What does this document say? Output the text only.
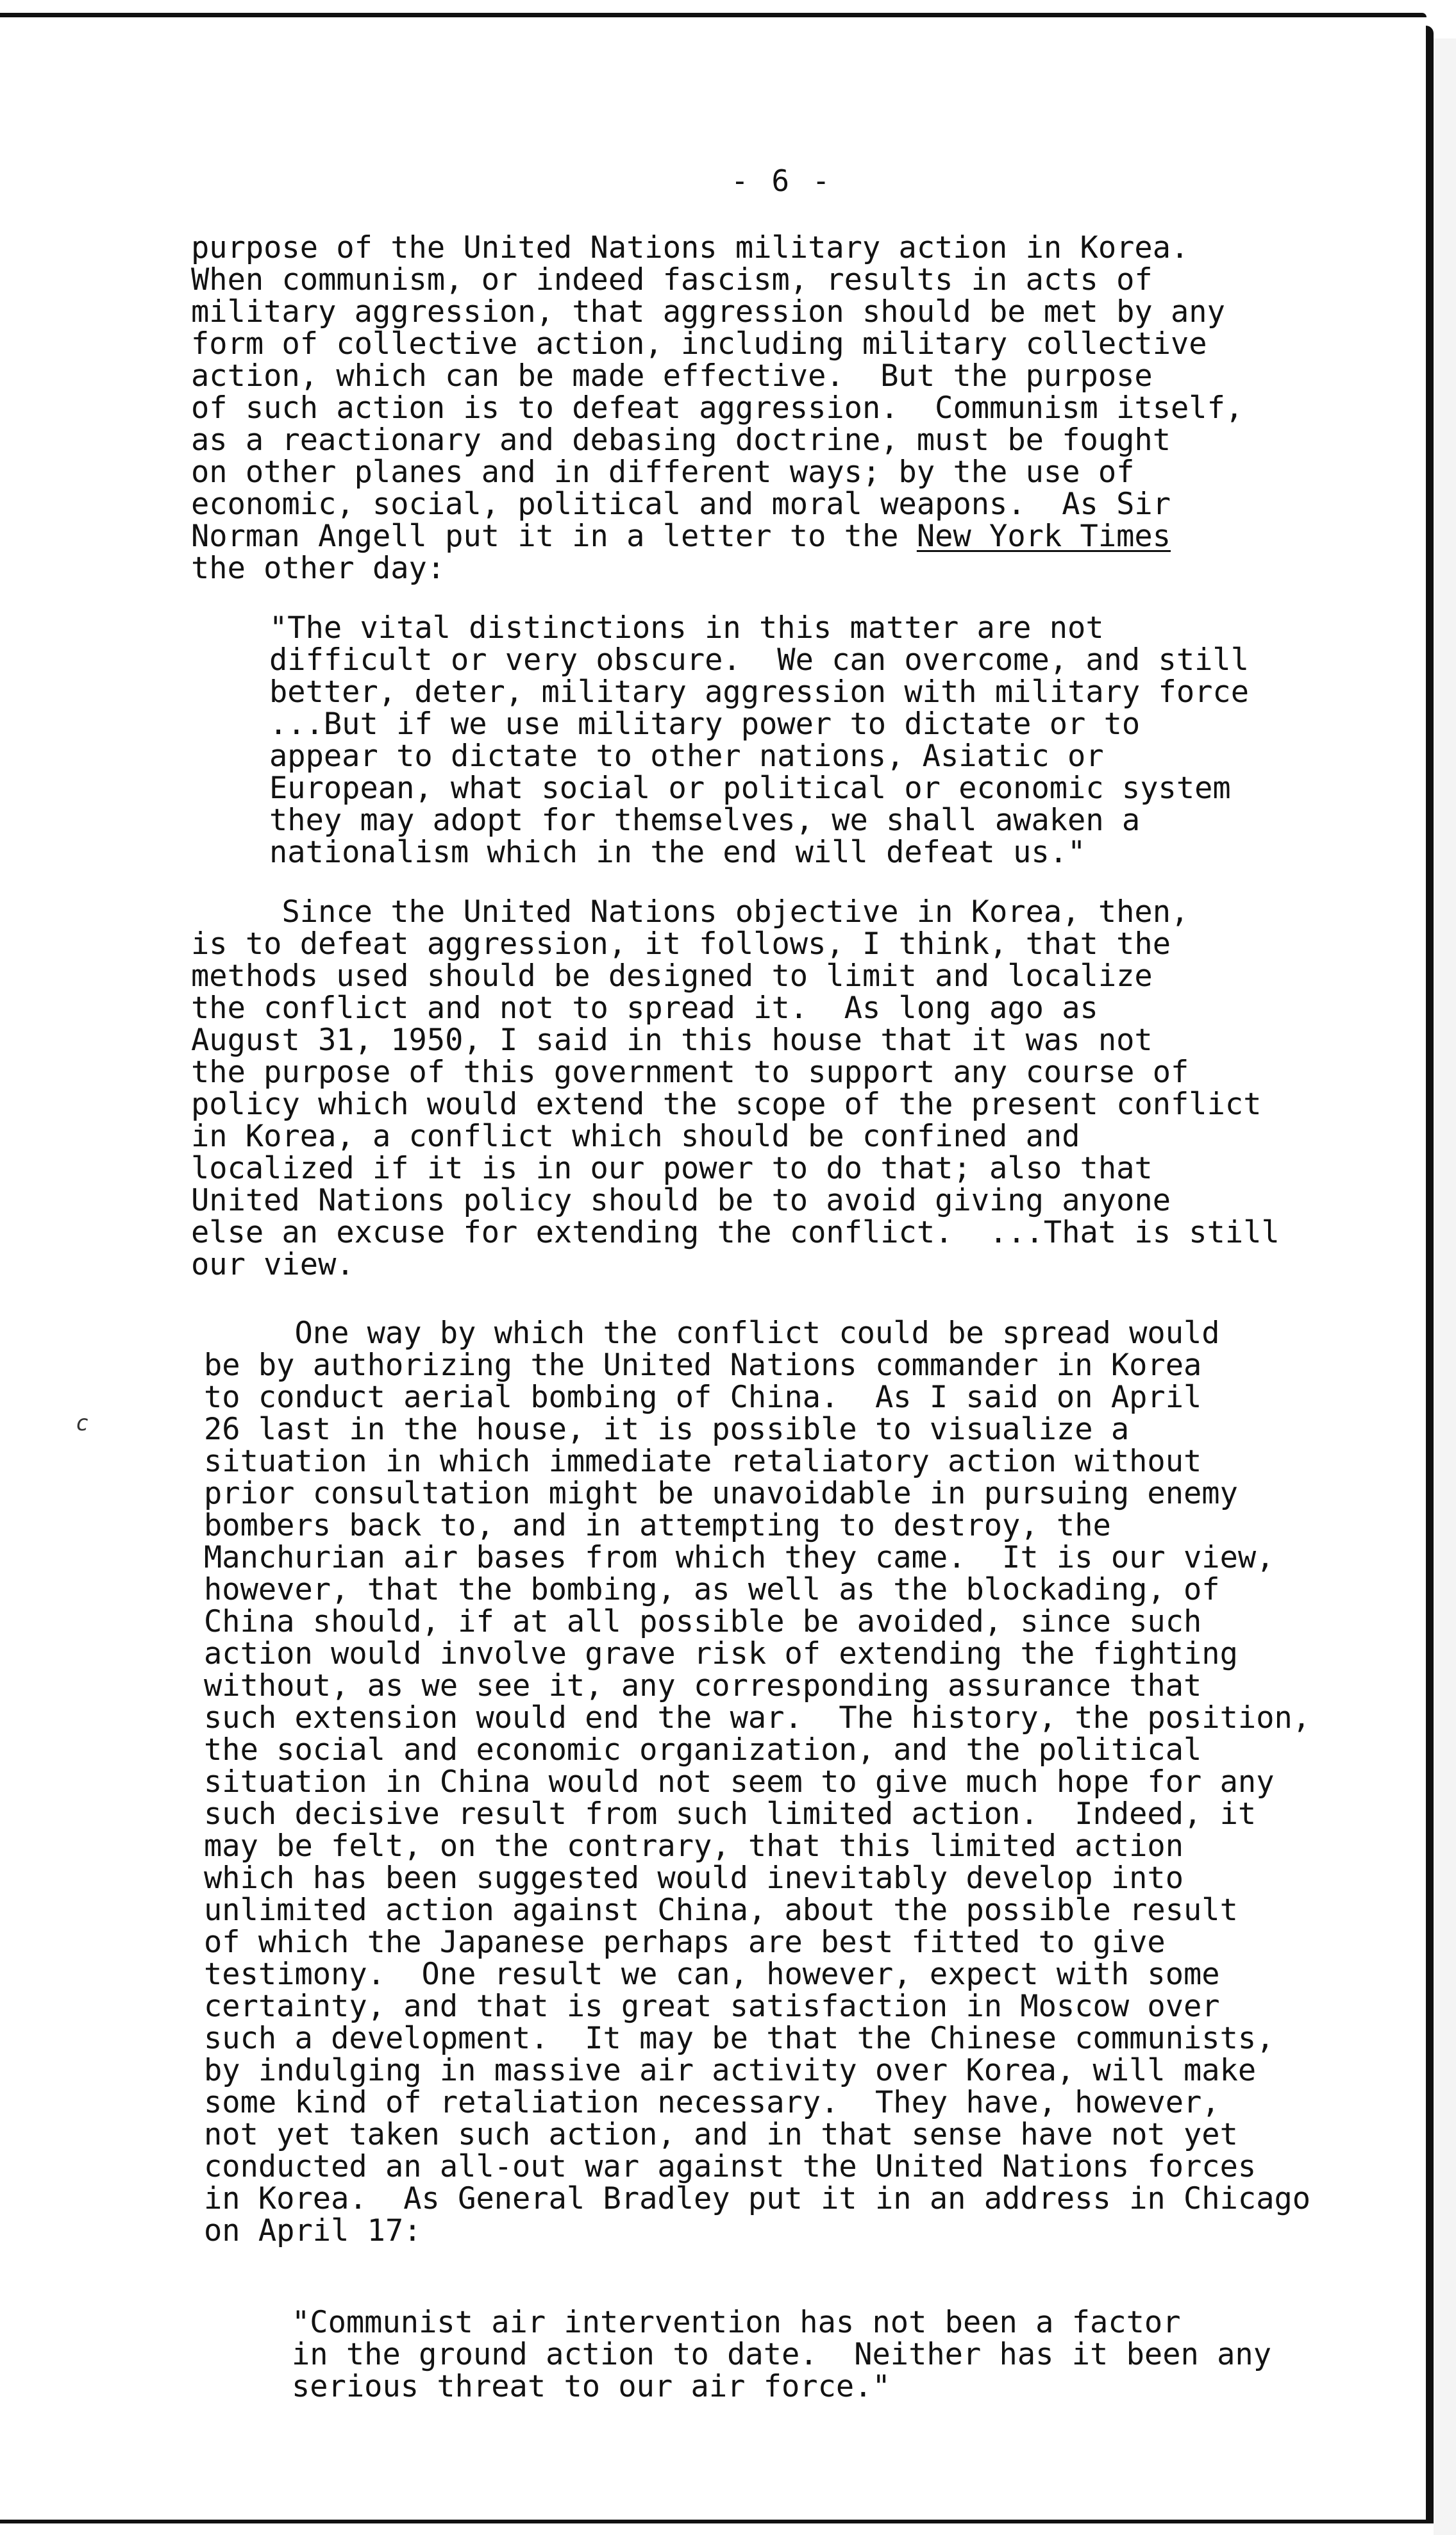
- 6 -
purpose of the United Nations military action in Korea.
When communism, or indeed fascism, results in acts of
military aggression, that aggression should be met by any
form of collective action, including military collective
action, which can be made effective.  But the purpose
of such action is to defeat aggression.  Communism itself,
as a reactionary and debasing doctrine, must be fought
on other planes and in different ways; by the use of
economic, social, political and moral weapons.  As Sir
Norman Angell put it in a letter to the New York Times
the other day:
"The vital distinctions in this matter are not
difficult or very obscure.  We can overcome, and still
better, deter, military aggression with military force
...But if we use military power to dictate or to
appear to dictate to other nations, Asiatic or
European, what social or political or economic system
they may adopt for themselves, we shall awaken a
nationalism which in the end will defeat us."
Since the United Nations objective in Korea, then,
is to defeat aggression, it follows, I think, that the
methods used should be designed to limit and localize
the conflict and not to spread it.  As long ago as
August 31, 1950, I said in this house that it was not
the purpose of this government to support any course of
policy which would extend the scope of the present conflict
in Korea, a conflict which should be confined and
localized if it is in our power to do that; also that
United Nations policy should be to avoid giving anyone
else an excuse for extending the conflict.  ...That is still
our view.
One way by which the conflict could be spread would
be by authorizing the United Nations commander in Korea
to conduct aerial bombing of China.  As I said on April
26 last in the house, it is possible to visualize a
situation in which immediate retaliatory action without
prior consultation might be unavoidable in pursuing enemy
bombers back to, and in attempting to destroy, the
Manchurian air bases from which they came.  It is our view,
however, that the bombing, as well as the blockading, of
China should, if at all possible be avoided, since such
action would involve grave risk of extending the fighting
without, as we see it, any corresponding assurance that
such extension would end the war.  The history, the position,
the social and economic organization, and the political
situation in China would not seem to give much hope for any
such decisive result from such limited action.  Indeed, it
may be felt, on the contrary, that this limited action
which has been suggested would inevitably develop into
unlimited action against China, about the possible result
of which the Japanese perhaps are best fitted to give
testimony.  One result we can, however, expect with some
certainty, and that is great satisfaction in Moscow over
such a development.  It may be that the Chinese communists,
by indulging in massive air activity over Korea, will make
some kind of retaliation necessary.  They have, however,
not yet taken such action, and in that sense have not yet
conducted an all-out war against the United Nations forces
in Korea.  As General Bradley put it in an address in Chicago
on April 17:
"Communist air intervention has not been a factor
in the ground action to date.  Neither has it been any
serious threat to our air force."
c
